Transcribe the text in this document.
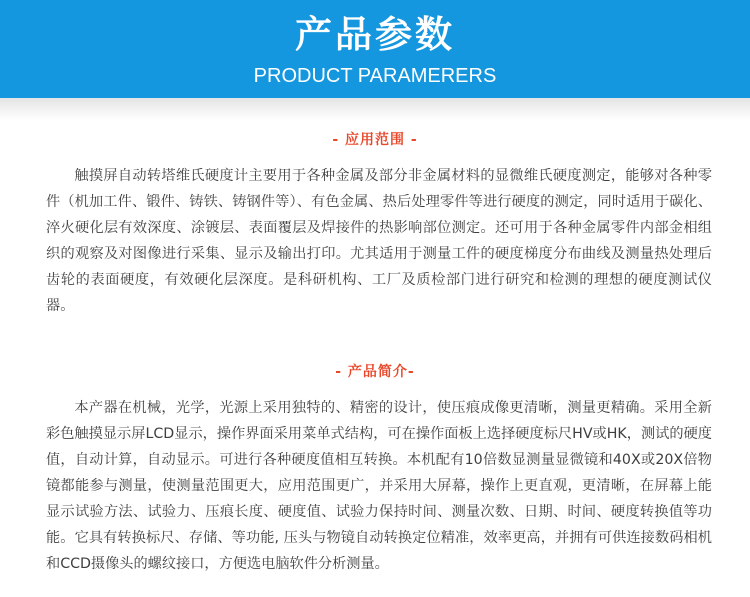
产品参数
PRODUCT PARAMERERS
- 应用范围 -
触摸屏自动转塔维氏硬度计主要用于各种金属及部分非金属材料的显微维氏硬度测定，能够对各种零件（机加工件、锻件、铸铁、铸钢件等）、有色金属、热后处理零件等进行硬度的测定，同时适用于碳化、淬火硬化层有效深度、涂镀层、表面覆层及焊接件的热影响部位测定。还可用于各种金属零件内部金相组织的观察及对图像进行采集、显示及输出打印。尤其适用于测量工件的硬度梯度分布曲线及测量热处理后齿轮的表面硬度，有效硬化层深度。是科研机构、工厂及质检部门进行研究和检测的理想的硬度测试仪器。
- 产品简介-
本产器在机械，光学，光源上采用独特的、精密的设计，使压痕成像更清晰，测量更精确。采用全新彩色触摸显示屏LCD显示，操作界面采用菜单式结构，可在操作面板上选择硬度标尺HV或HK，测试的硬度值，自动计算，自动显示。可进行各种硬度值相互转换。本机配有10倍数显测量显微镜和40X或20X倍物镜都能参与测量，使测量范围更大，应用范围更广，并采用大屏幕，操作上更直观，更清晰，在屏幕上能显示试验方法、试验力、压痕长度、硬度值、试验力保持时间、测量次数、日期、时间、硬度转换值等功能。它具有转换标尺、存储、等功能, 压头与物镜自动转换定位精准，效率更高，并拥有可供连接数码相机和CCD摄像头的螺纹接口，方便选电脑软件分析测量。
